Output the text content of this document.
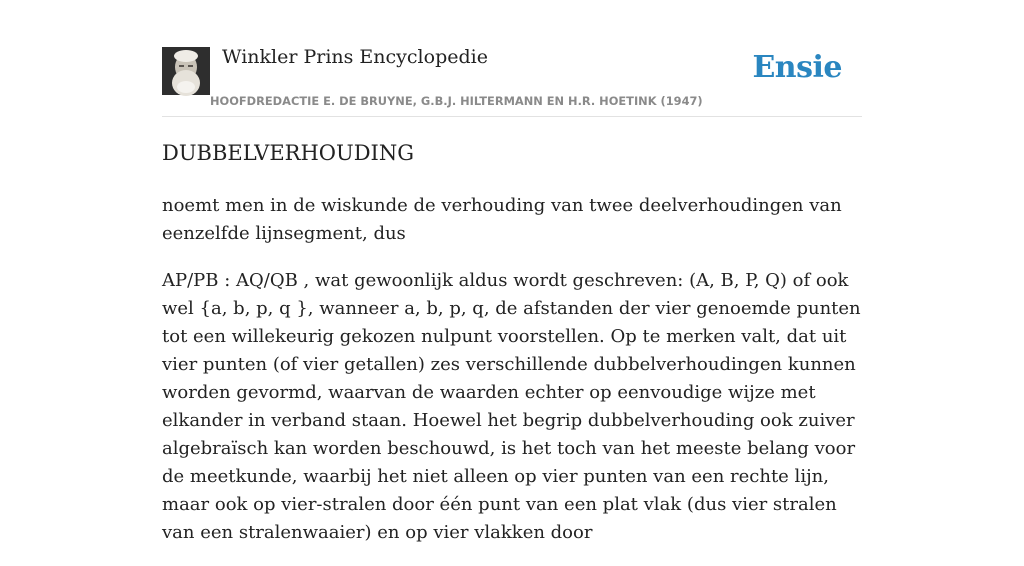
Winkler Prins Encyclopedie
HOOFDREDACTIE E. DE BRUYNE, G.B.J. HILTERMANN EN H.R. HOETINK (1947)
Ensie
DUBBELVERHOUDING

noemt men in de wiskunde de verhouding van twee deelverhoudingen van eenzelfde lijnsegment, dus

AP/PB : AQ/QB , wat gewoonlijk aldus wordt geschreven: (A, B, P, Q) of ook wel {a, b, p, q }, wanneer a, b, p, q, de afstanden der vier genoemde punten tot een willekeurig gekozen nulpunt voorstellen. Op te merken valt, dat uit vier punten (of vier getallen) zes verschillende dubbelverhoudingen kunnen worden gevormd, waarvan de waarden echter op eenvoudige wijze met elkander in verband staan. Hoewel het begrip dubbelverhouding ook zuiver algebraïsch kan worden beschouwd, is het toch van het meeste belang voor de meetkunde, waarbij het niet alleen op vier punten van een rechte lijn, maar ook op vier-stralen door één punt van een plat vlak (dus vier stralen van een stralenwaaier) en op vier vlakken door
